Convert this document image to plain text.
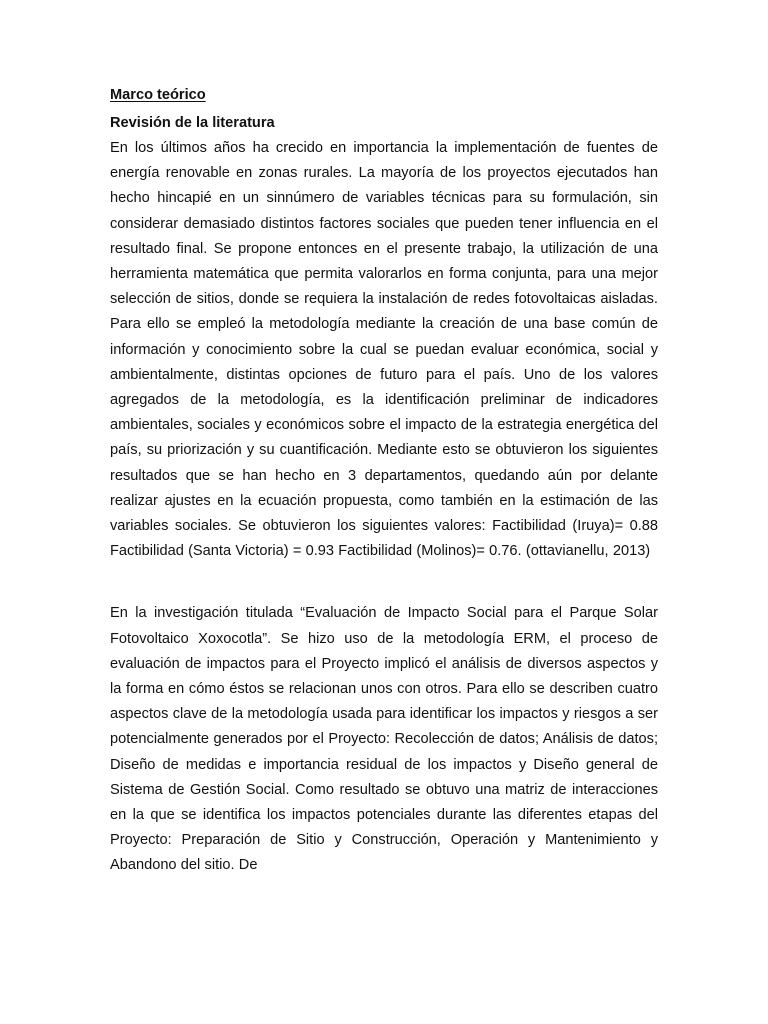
Marco teórico

Revisión de la literatura

En los últimos años ha crecido en importancia la implementación de fuentes de energía renovable en zonas rurales. La mayoría de los proyectos ejecutados han hecho hincapié en un sinnúmero de variables técnicas para su formulación, sin considerar demasiado distintos factores sociales que pueden tener influencia en el resultado final. Se propone entonces en el presente trabajo, la utilización de una herramienta matemática que permita valorarlos en forma conjunta, para una mejor selección de sitios, donde se requiera la instalación de redes fotovoltaicas aisladas. Para ello se empleó la metodología mediante la creación de una base común de información y conocimiento sobre la cual se puedan evaluar económica, social y ambientalmente, distintas opciones de futuro para el país. Uno de los valores agregados de la metodología, es la identificación preliminar de indicadores ambientales, sociales y económicos sobre el impacto de la estrategia energética del país, su priorización y su cuantificación. Mediante esto se obtuvieron los siguientes resultados que se han hecho en 3 departamentos, quedando aún por delante realizar ajustes en la ecuación propuesta, como también en la estimación de las variables sociales. Se obtuvieron los siguientes valores: Factibilidad (Iruya)= 0.88 Factibilidad (Santa Victoria) = 0.93 Factibilidad (Molinos)= 0.76. (ottavianellu, 2013)

En la investigación titulada “Evaluación de Impacto Social para el Parque Solar Fotovoltaico Xoxocotla”. Se hizo uso de la metodología ERM, el proceso de evaluación de impactos para el Proyecto implicó el análisis de diversos aspectos y la forma en cómo éstos se relacionan unos con otros. Para ello se describen cuatro aspectos clave de la metodología usada para identificar los impactos y riesgos a ser potencialmente generados por el Proyecto: Recolección de datos; Análisis de datos; Diseño de medidas e importancia residual de los impactos y Diseño general de Sistema de Gestión Social. Como resultado se obtuvo una matriz de interacciones en la que se identifica los impactos potenciales durante las diferentes etapas del Proyecto: Preparación de Sitio y Construcción, Operación y Mantenimiento y Abandono del sitio. De
